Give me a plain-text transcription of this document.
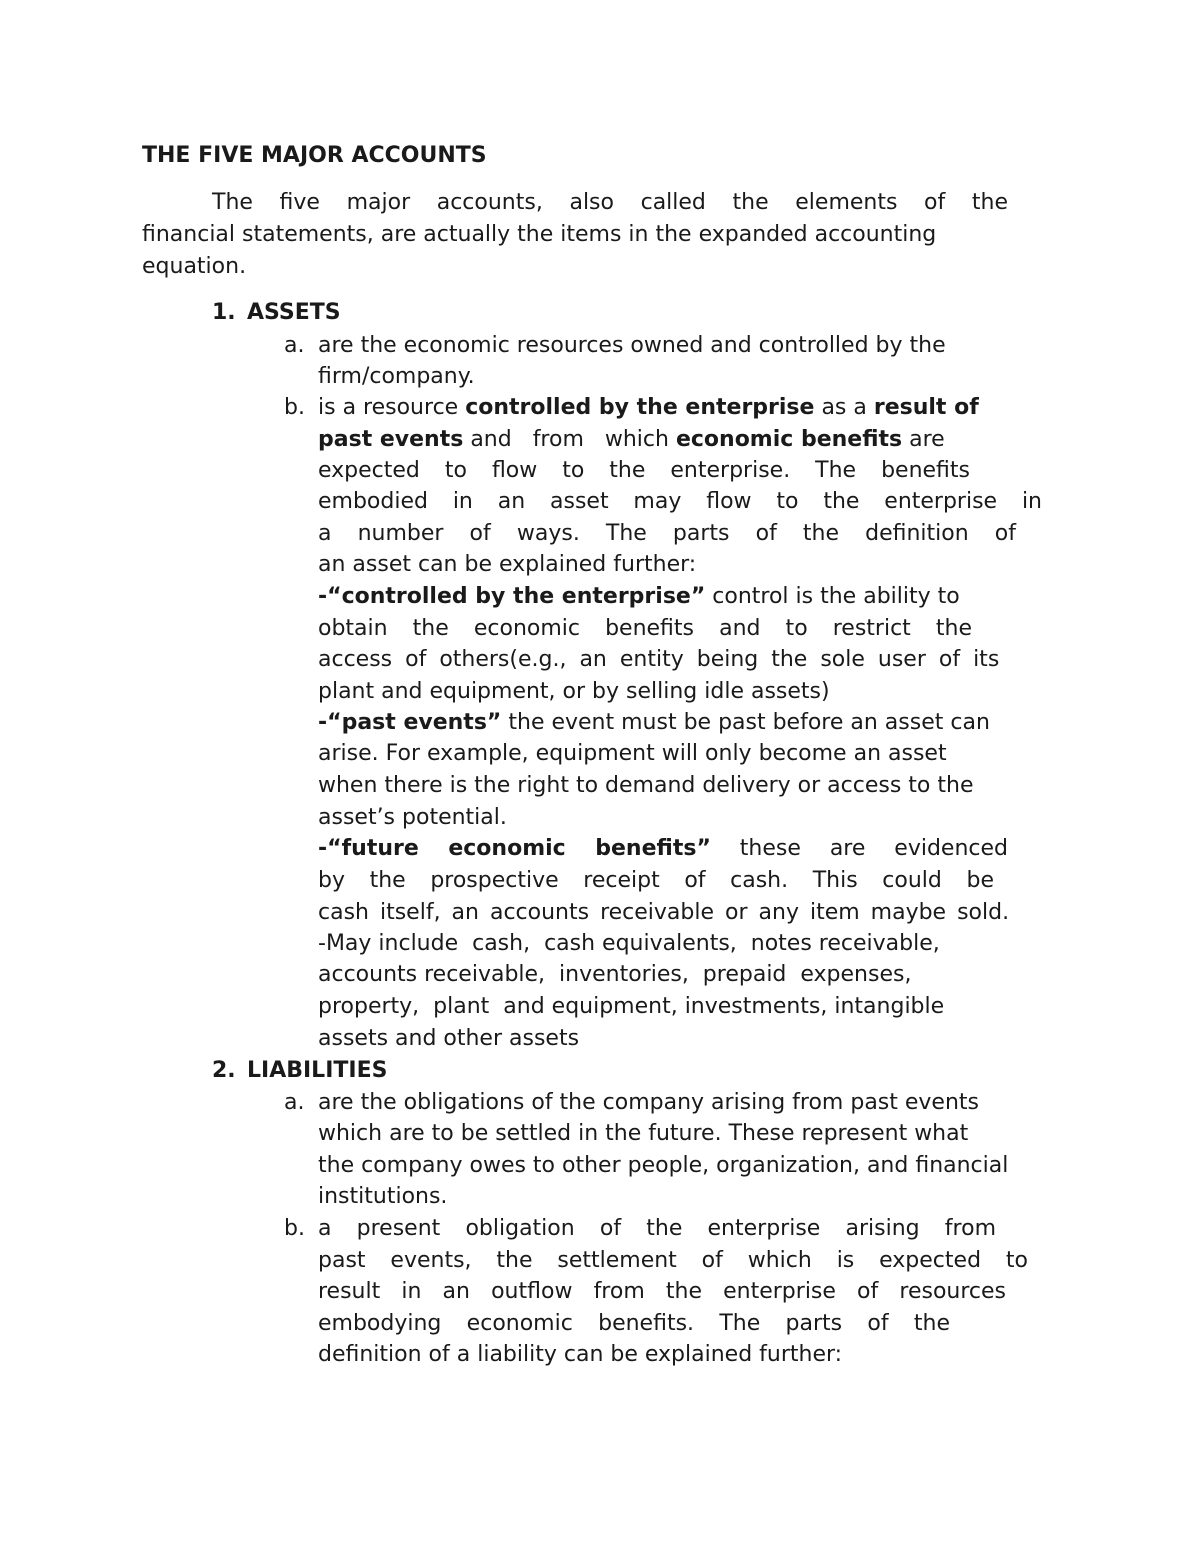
THE FIVE MAJOR ACCOUNTS
The five major accounts, also called the elements of the
financial statements, are actually the items in the expanded accounting
equation.
1. ASSETS
a. are the economic resources owned and controlled by the
firm/company.
b. is a resource controlled by the enterprise as a result of
past events and   from   which economic benefits are
expected to flow to the enterprise. The benefits
embodied in an asset may flow to the enterprise in
a number of ways. The parts of the definition of
an asset can be explained further:
-“controlled by the enterprise” control is the ability to
obtain the economic benefits and to restrict the
access of others(e.g., an entity being the sole user of its
plant and equipment, or by selling idle assets)
-“past events” the event must be past before an asset can
arise. For example, equipment will only become an asset
when there is the right to demand delivery or access to the
asset’s potential.
-“future economic benefits” these are evidenced
by the prospective receipt of cash. This could be
cash itself, an accounts receivable or any item maybe sold.
-May include  cash,  cash equivalents,  notes receivable,
accounts receivable,  inventories,  prepaid  expenses,
property,  plant  and equipment, investments, intangible
assets and other assets
2. LIABILITIES
a. are the obligations of the company arising from past events
which are to be settled in the future. These represent what
the company owes to other people, organization, and financial
institutions.
b. a present obligation of the enterprise arising from
past events, the settlement of which is expected to
result in an outflow from the enterprise of resources
embodying economic benefits. The parts of the
definition of a liability can be explained further:
